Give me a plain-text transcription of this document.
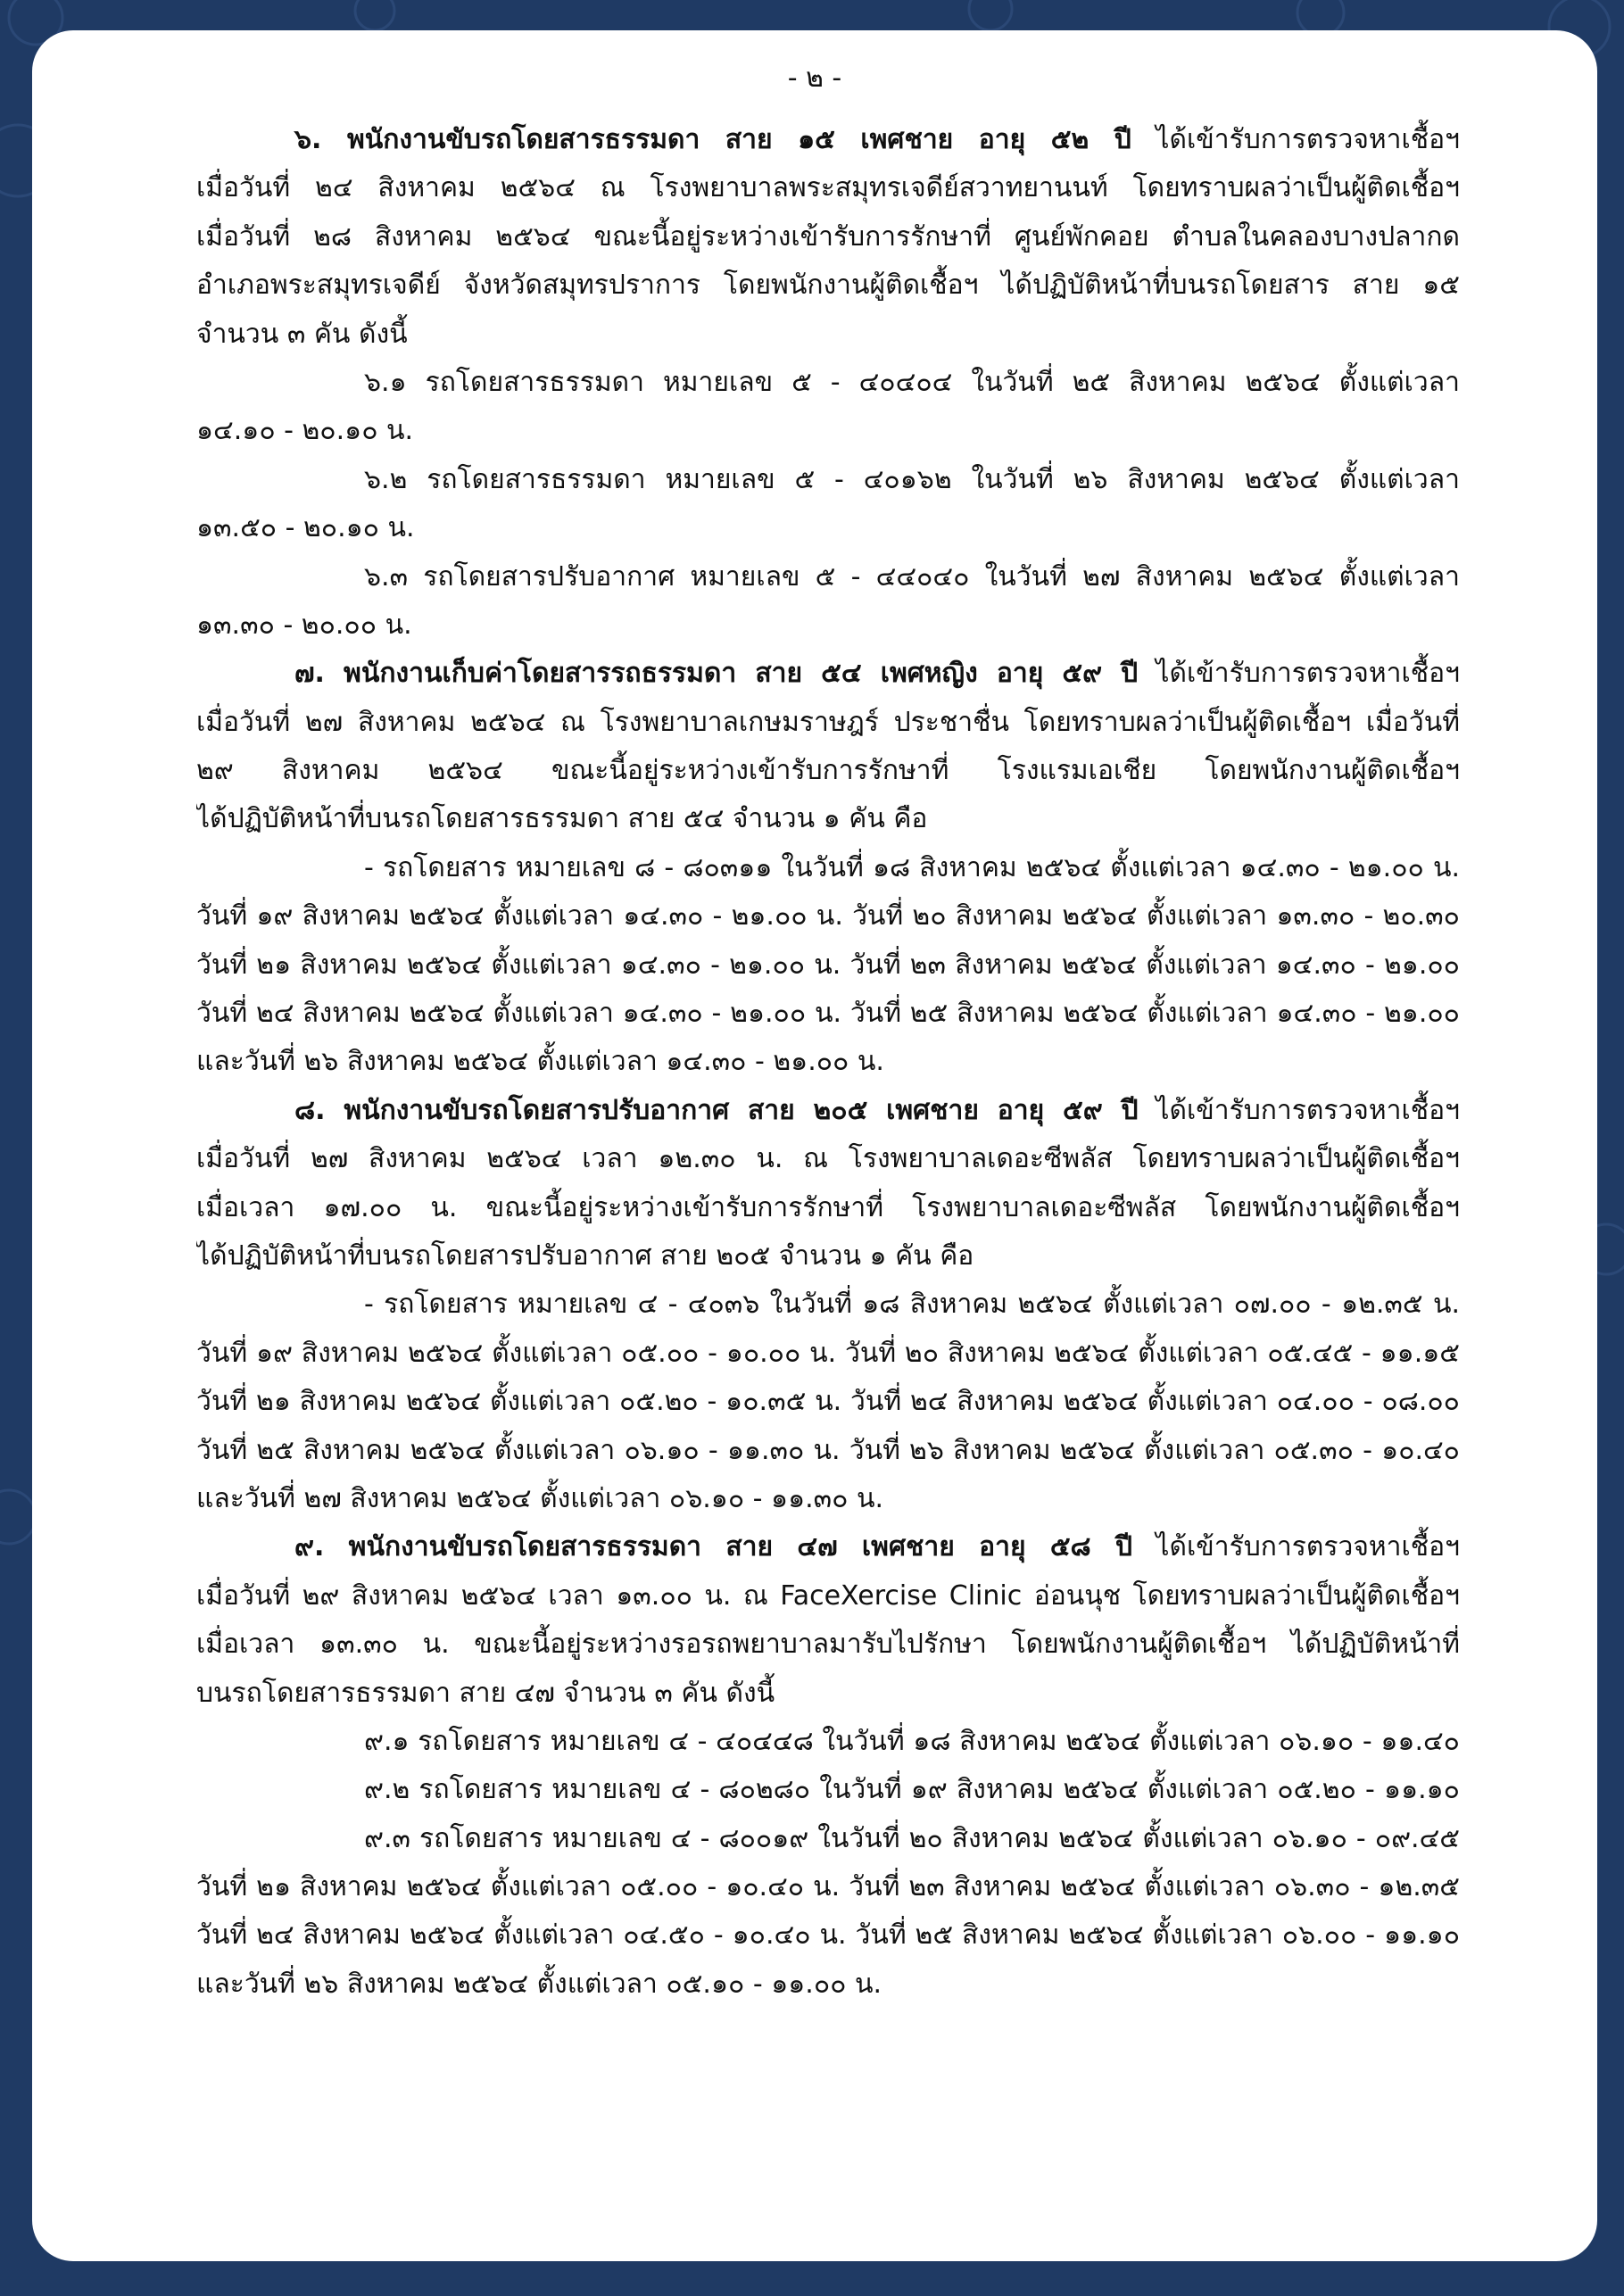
- ๒ -
๖. พนักงานขับรถโดยสารธรรมดา สาย ๑๕ เพศชาย อายุ ๕๒ ปี ได้เข้ารับการตรวจหาเชื้อฯ
เมื่อวันที่ ๒๔ สิงหาคม ๒๕๖๔ ณ โรงพยาบาลพระสมุทรเจดีย์สวาทยานนท์ โดยทราบผลว่าเป็นผู้ติดเชื้อฯ
เมื่อวันที่ ๒๘ สิงหาคม ๒๕๖๔ ขณะนี้อยู่ระหว่างเข้ารับการรักษาที่ ศูนย์พักคอย ตำบลในคลองบางปลากด
อำเภอพระสมุทรเจดีย์ จังหวัดสมุทรปราการ โดยพนักงานผู้ติดเชื้อฯ ได้ปฏิบัติหน้าที่บนรถโดยสาร สาย ๑๕
จำนวน ๓ คัน ดังนี้
๖.๑ รถโดยสารธรรมดา หมายเลข ๕ - ๔๐๔๐๔ ในวันที่ ๒๕ สิงหาคม ๒๕๖๔ ตั้งแต่เวลา
๑๔.๑๐ - ๒๐.๑๐ น.
๖.๒ รถโดยสารธรรมดา หมายเลข ๕ - ๔๐๑๖๒ ในวันที่ ๒๖ สิงหาคม ๒๕๖๔ ตั้งแต่เวลา
๑๓.๕๐ - ๒๐.๑๐ น.
๖.๓ รถโดยสารปรับอากาศ หมายเลข ๕ - ๔๔๐๔๐ ในวันที่ ๒๗ สิงหาคม ๒๕๖๔ ตั้งแต่เวลา
๑๓.๓๐ - ๒๐.๐๐ น.
๗. พนักงานเก็บค่าโดยสารรถธรรมดา สาย ๕๔ เพศหญิง อายุ ๕๙ ปี ได้เข้ารับการตรวจหาเชื้อฯ
เมื่อวันที่ ๒๗ สิงหาคม ๒๕๖๔ ณ โรงพยาบาลเกษมราษฎร์ ประชาชื่น โดยทราบผลว่าเป็นผู้ติดเชื้อฯ เมื่อวันที่
๒๙ สิงหาคม ๒๕๖๔ ขณะนี้อยู่ระหว่างเข้ารับการรักษาที่ โรงแรมเอเชีย โดยพนักงานผู้ติดเชื้อฯ
ได้ปฏิบัติหน้าที่บนรถโดยสารธรรมดา สาย ๕๔ จำนวน ๑ คัน คือ
- รถโดยสาร หมายเลข ๘ - ๘๐๓๑๑ ในวันที่ ๑๘ สิงหาคม ๒๕๖๔ ตั้งแต่เวลา ๑๔.๓๐ - ๒๑.๐๐ น.
วันที่ ๑๙ สิงหาคม ๒๕๖๔ ตั้งแต่เวลา ๑๔.๓๐ - ๒๑.๐๐ น. วันที่ ๒๐ สิงหาคม ๒๕๖๔ ตั้งแต่เวลา ๑๓.๓๐ - ๒๐.๓๐
วันที่ ๒๑ สิงหาคม ๒๕๖๔ ตั้งแต่เวลา ๑๔.๓๐ - ๒๑.๐๐ น. วันที่ ๒๓ สิงหาคม ๒๕๖๔ ตั้งแต่เวลา ๑๔.๓๐ - ๒๑.๐๐
วันที่ ๒๔ สิงหาคม ๒๕๖๔ ตั้งแต่เวลา ๑๔.๓๐ - ๒๑.๐๐ น. วันที่ ๒๕ สิงหาคม ๒๕๖๔ ตั้งแต่เวลา ๑๔.๓๐ - ๒๑.๐๐
และวันที่ ๒๖ สิงหาคม ๒๕๖๔ ตั้งแต่เวลา ๑๔.๓๐ - ๒๑.๐๐ น.
๘. พนักงานขับรถโดยสารปรับอากาศ สาย ๒๐๕ เพศชาย อายุ ๕๙ ปี ได้เข้ารับการตรวจหาเชื้อฯ
เมื่อวันที่ ๒๗ สิงหาคม ๒๕๖๔ เวลา ๑๒.๓๐ น. ณ โรงพยาบาลเดอะซีพลัส โดยทราบผลว่าเป็นผู้ติดเชื้อฯ
เมื่อเวลา ๑๗.๐๐ น. ขณะนี้อยู่ระหว่างเข้ารับการรักษาที่ โรงพยาบาลเดอะซีพลัส โดยพนักงานผู้ติดเชื้อฯ
ได้ปฏิบัติหน้าที่บนรถโดยสารปรับอากาศ สาย ๒๐๕ จำนวน ๑ คัน คือ
- รถโดยสาร หมายเลข ๔ - ๔๐๓๖ ในวันที่ ๑๘ สิงหาคม ๒๕๖๔ ตั้งแต่เวลา ๐๗.๐๐ - ๑๒.๓๕ น.
วันที่ ๑๙ สิงหาคม ๒๕๖๔ ตั้งแต่เวลา ๐๕.๐๐ - ๑๐.๐๐ น. วันที่ ๒๐ สิงหาคม ๒๕๖๔ ตั้งแต่เวลา ๐๕.๔๕ - ๑๑.๑๕
วันที่ ๒๑ สิงหาคม ๒๕๖๔ ตั้งแต่เวลา ๐๕.๒๐ - ๑๐.๓๕ น. วันที่ ๒๔ สิงหาคม ๒๕๖๔ ตั้งแต่เวลา ๐๔.๐๐ - ๐๘.๐๐
วันที่ ๒๕ สิงหาคม ๒๕๖๔ ตั้งแต่เวลา ๐๖.๑๐ - ๑๑.๓๐ น. วันที่ ๒๖ สิงหาคม ๒๕๖๔ ตั้งแต่เวลา ๐๕.๓๐ - ๑๐.๔๐
และวันที่ ๒๗ สิงหาคม ๒๕๖๔ ตั้งแต่เวลา ๐๖.๑๐ - ๑๑.๓๐ น.
๙. พนักงานขับรถโดยสารธรรมดา สาย ๔๗ เพศชาย อายุ ๕๘ ปี ได้เข้ารับการตรวจหาเชื้อฯ
เมื่อวันที่ ๒๙ สิงหาคม ๒๕๖๔ เวลา ๑๓.๐๐ น. ณ FaceXercise Clinic อ่อนนุช โดยทราบผลว่าเป็นผู้ติดเชื้อฯ
เมื่อเวลา ๑๓.๓๐ น. ขณะนี้อยู่ระหว่างรอรถพยาบาลมารับไปรักษา โดยพนักงานผู้ติดเชื้อฯ ได้ปฏิบัติหน้าที่
บนรถโดยสารธรรมดา สาย ๔๗ จำนวน ๓ คัน ดังนี้
๙.๑ รถโดยสาร หมายเลข ๔ - ๔๐๔๔๘ ในวันที่ ๑๘ สิงหาคม ๒๕๖๔ ตั้งแต่เวลา ๐๖.๑๐ - ๑๑.๔๐
๙.๒ รถโดยสาร หมายเลข ๔ - ๘๐๒๘๐ ในวันที่ ๑๙ สิงหาคม ๒๕๖๔ ตั้งแต่เวลา ๐๕.๒๐ - ๑๑.๑๐
๙.๓ รถโดยสาร หมายเลข ๔ - ๘๐๐๑๙ ในวันที่ ๒๐ สิงหาคม ๒๕๖๔ ตั้งแต่เวลา ๐๖.๑๐ - ๐๙.๔๕
วันที่ ๒๑ สิงหาคม ๒๕๖๔ ตั้งแต่เวลา ๐๕.๐๐ - ๑๐.๔๐ น. วันที่ ๒๓ สิงหาคม ๒๕๖๔ ตั้งแต่เวลา ๐๖.๓๐ - ๑๒.๓๕
วันที่ ๒๔ สิงหาคม ๒๕๖๔ ตั้งแต่เวลา ๐๔.๕๐ - ๑๐.๔๐ น. วันที่ ๒๕ สิงหาคม ๒๕๖๔ ตั้งแต่เวลา ๐๖.๐๐ - ๑๑.๑๐
และวันที่ ๒๖ สิงหาคม ๒๕๖๔ ตั้งแต่เวลา ๐๕.๑๐ - ๑๑.๐๐ น.
